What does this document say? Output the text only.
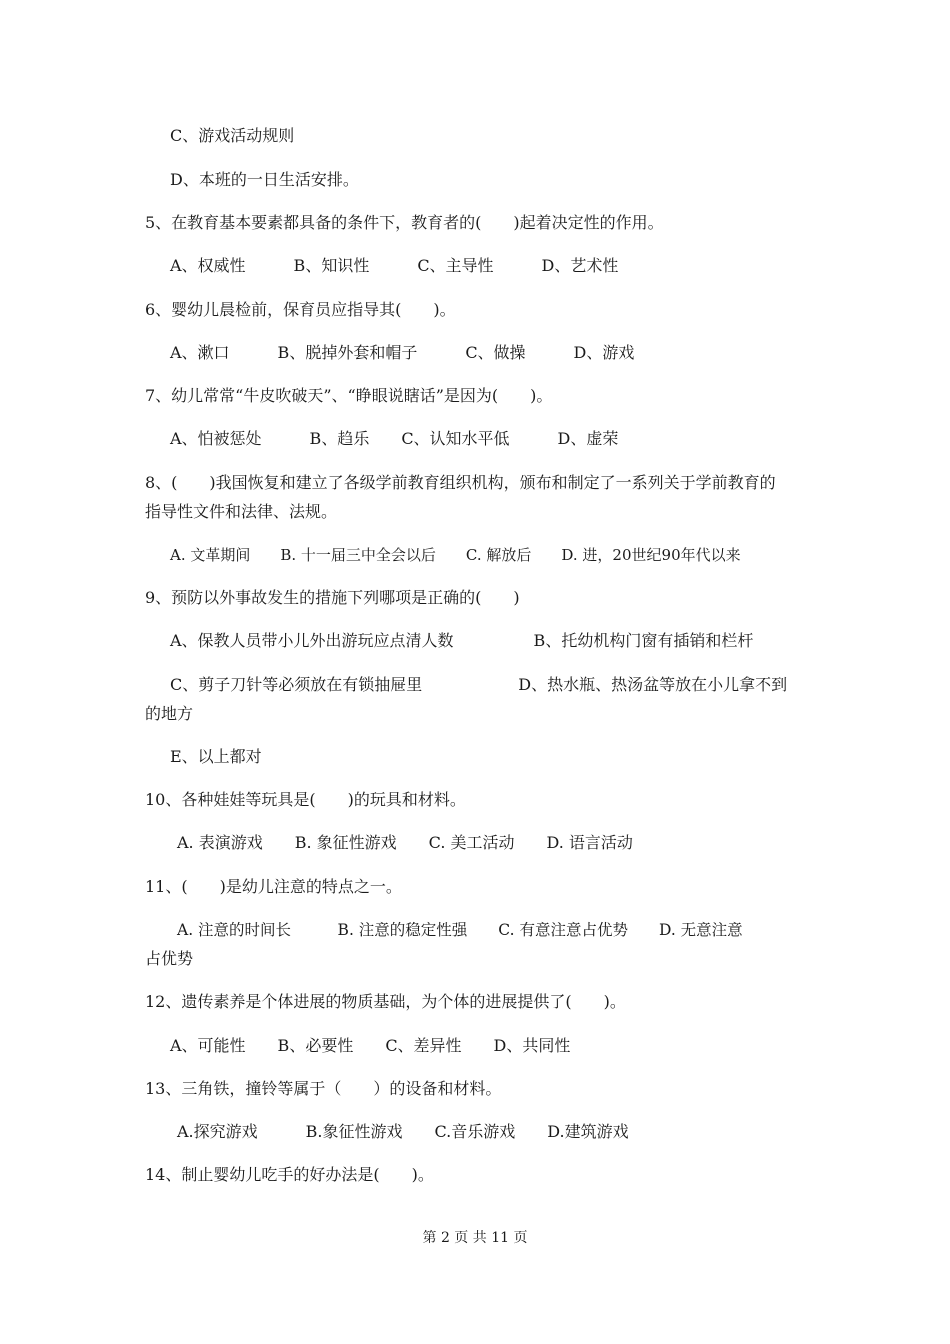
C、游戏活动规则
D、本班的一日生活安排。
5、在教育基本要素都具备的条件下，教育者的(　　)起着决定性的作用。
A、权威性　　　B、知识性　　　C、主导性　　　D、艺术性
6、婴幼儿晨检前，保育员应指导其(　　)。
A、漱口　　　B、脱掉外套和帽子　　　C、做操　　　D、游戏
7、幼儿常常“牛皮吹破天”、“睁眼说瞎话”是因为(　　)。
A、怕被惩处　　　B、趋乐　　C、认知水平低　　　D、虚荣
8、(　　)我国恢复和建立了各级学前教育组织机构，颁布和制定了一系列关于学前教育的
指导性文件和法律、法规。
A. 文革期间　　B. 十一届三中全会以后　　C. 解放后　　D. 进，20世纪90年代以来
9、预防以外事故发生的措施下列哪项是正确的(　　)
A、保教人员带小儿外出游玩应点清人数　　　　　B、托幼机构门窗有插销和栏杆
C、剪子刀针等必须放在有锁抽屉里　　　　　　D、热水瓶、热汤盆等放在小儿拿不到
的地方
E、以上都对
10、各种娃娃等玩具是(　　)的玩具和材料。
A. 表演游戏　　B. 象征性游戏　　C. 美工活动　　D. 语言活动
11、(　　)是幼儿注意的特点之一。
A. 注意的时间长　　　B. 注意的稳定性强　　C. 有意注意占优势　　D. 无意注意
占优势
12、遗传素养是个体进展的物质基础，为个体的进展提供了(　　)。
A、可能性　　B、必要性　　C、差异性　　D、共同性
13、三角铁，撞铃等属于（　　）的设备和材料。
A.探究游戏　　　B.象征性游戏　　C.音乐游戏　　D.建筑游戏
14、制止婴幼儿吃手的好办法是(　　)。
第 2 页 共 11 页
